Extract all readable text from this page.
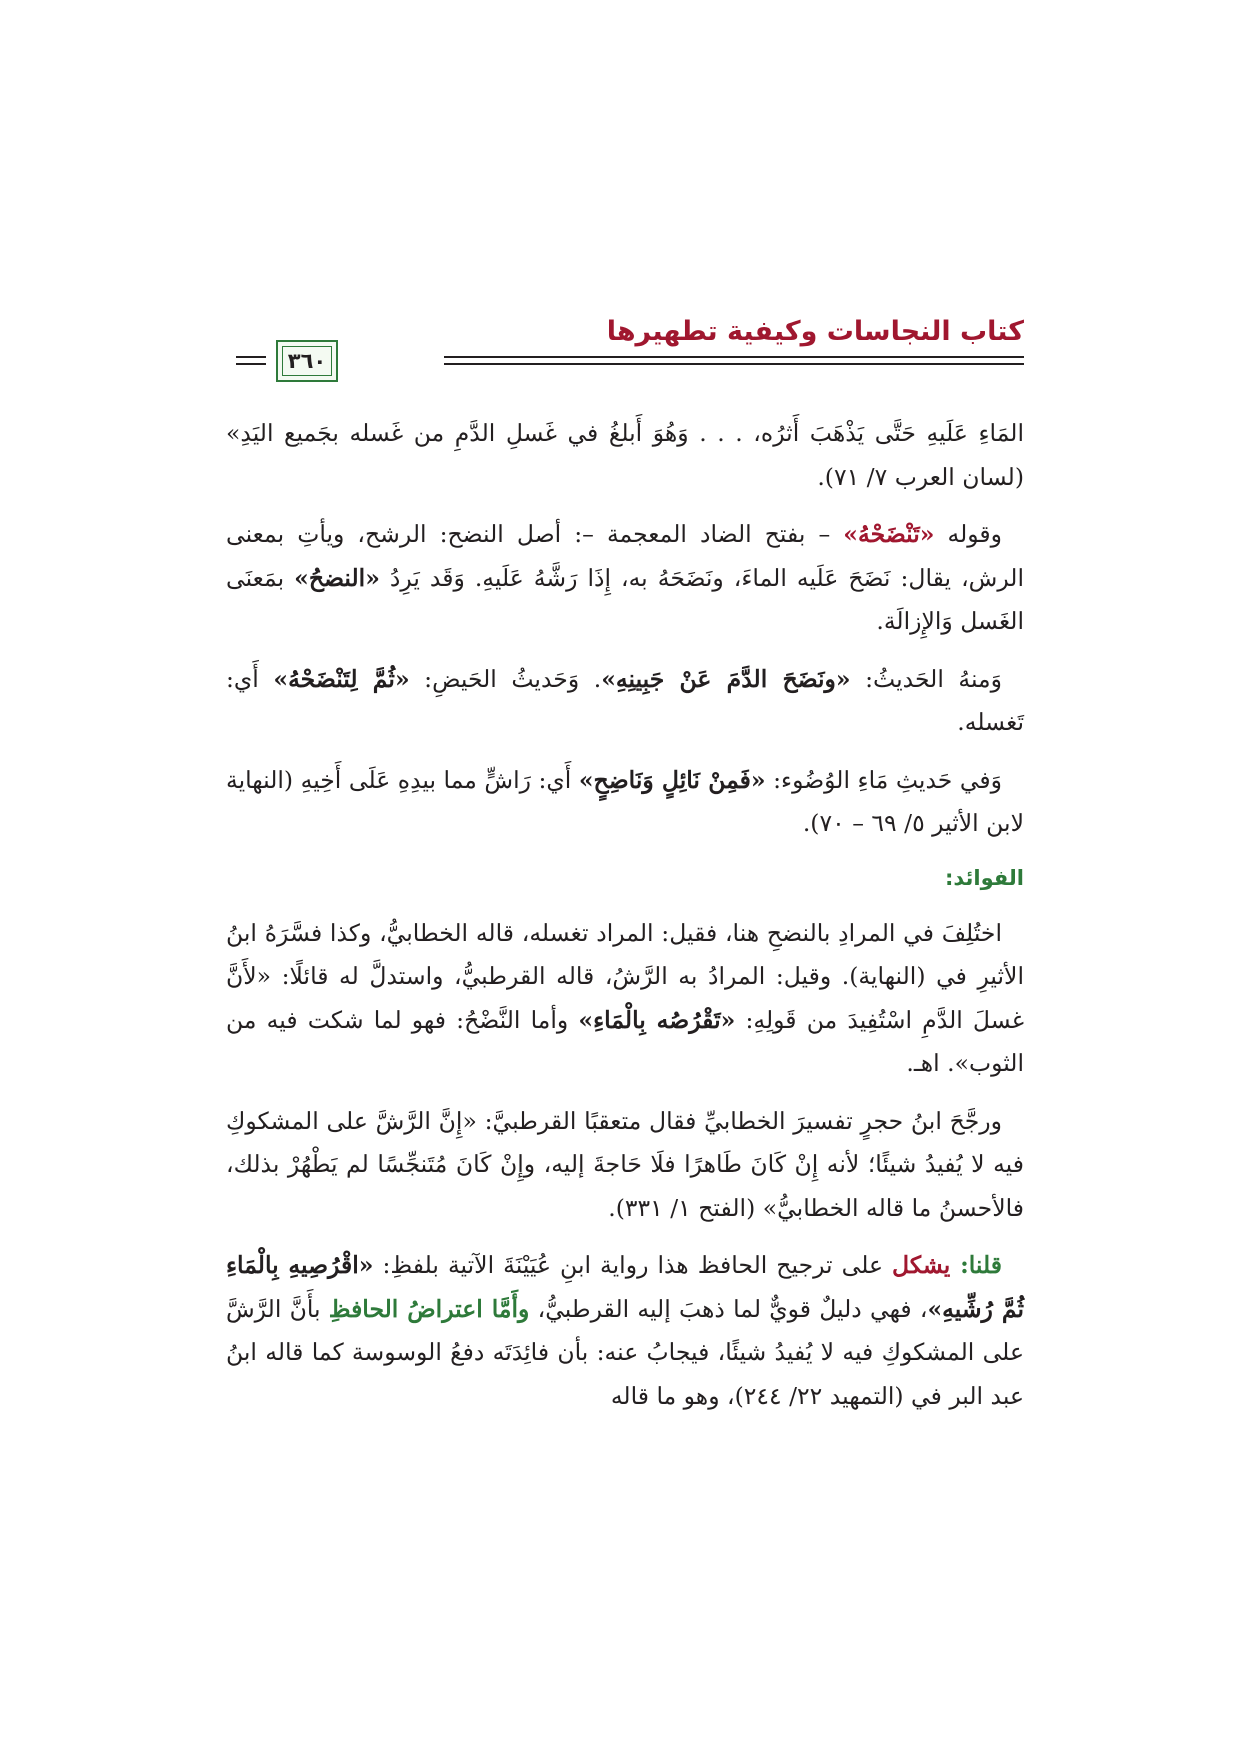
كتاب النجاسات وكيفية تطهيرها
٣٦٠

المَاءِ عَلَيهِ حَتَّى يَذْهَبَ أَثرُه، . . . وَهُوَ أَبلغُ في غَسلِ الدَّمِ من غَسله بجَميع اليَدِ» (لسان العرب ٧/ ٧١).

وقوله «تَنْضَحْهُ» – بفتح الضاد المعجمة –: أصل النضح: الرشح، ويأتِ بمعنى الرش، يقال: نَضَحَ عَلَيه الماءَ، ونَضَحَهُ به، إِذَا رَشَّهُ عَلَيهِ. وَقَد يَرِدُ «النضحُ» بمَعنَى الغَسل وَالإِزالَة.

وَمنهُ الحَديثُ: «ونَضَحَ الدَّمَ عَنْ جَبِينِهِ». وَحَديثُ الحَيضِ: «ثُمَّ لِتَنْضَحْهُ» أَي: تَغسله.

وَفي حَديثِ مَاءِ الوُضُوء: «فَمِنْ نَائِلٍ وَنَاضِحٍ» أَي: رَاشٍّ مما بيدِهِ عَلَى أَخِيهِ (النهاية لابن الأثير ٥/ ٦٩ – ٧٠).

الفوائد:

اختُلِفَ في المرادِ بالنضحِ هنا، فقيل: المراد تغسله، قاله الخطابيُّ، وكذا فسَّرَهُ ابنُ الأثيرِ في (النهاية). وقيل: المرادُ به الرَّشُ، قاله القرطبيُّ، واستدلَّ له قائلًا: «لأَنَّ غسلَ الدَّمِ اسْتُفِيدَ من قَولِهِ: «تَقْرُصُه بِالْمَاءِ» وأما النَّضْحُ: فهو لما شكت فيه من الثوب». اهـ.

ورجَّحَ ابنُ حجرٍ تفسيرَ الخطابيِّ فقال متعقبًا القرطبيَّ: «إِنَّ الرَّشَّ على المشكوكِ فيه لا يُفيدُ شيئًا؛ لأنه إِنْ كَانَ طَاهرًا فلَا حَاجةَ إليه، وإِنْ كَانَ مُتَنجِّسًا لم يَطْهُرْ بذلك، فالأحسنُ ما قاله الخطابيُّ» (الفتح ١/ ٣٣١).

قلنا: يشكل على ترجيح الحافظ هذا رواية ابنِ عُيَيْنَةَ الآتية بلفظِ: «اقْرُصِيهِ بِالْمَاءِ ثُمَّ رُشِّيهِ»، فهي دليلٌ قويٌّ لما ذهبَ إليه القرطبيُّ، وأَمَّا اعتراضُ الحافظِ بأَنَّ الرَّشَّ على المشكوكِ فيه لا يُفيدُ شيئًا، فيجابُ عنه: بأن فائِدَتَه دفعُ الوسوسة كما قاله ابنُ عبد البر في (التمهيد ٢٢/ ٢٤٤)، وهو ما قاله
